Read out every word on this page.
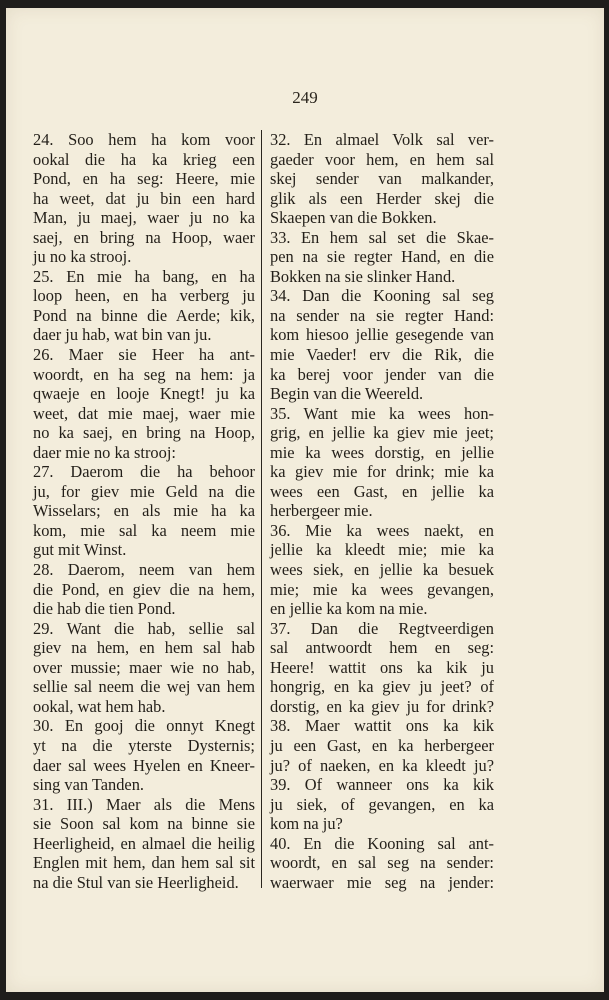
249
24. Soo hem ha kom voor
ookal die ha ka krieg een
Pond, en ha seg: Heere, mie
ha weet, dat ju bin een hard
Man, ju maej, waer ju no ka
saej, en bring na Hoop, waer
ju no ka strooj.
25. En mie ha bang, en ha
loop heen, en ha verberg ju
Pond na binne die Aerde; kik,
daer ju hab, wat bin van ju.
26. Maer sie Heer ha ant-
woordt, en ha seg na hem: ja
qwaeje en looje Knegt! ju ka
weet, dat mie maej, waer mie
no ka saej, en bring na Hoop,
daer mie no ka strooj:
27. Daerom die ha behoor
ju, for giev mie Geld na die
Wisselars; en als mie ha ka
kom, mie sal ka neem mie
gut mit Winst.
28. Daerom, neem van hem
die Pond, en giev die na hem,
die hab die tien Pond.
29. Want die hab, sellie sal
giev na hem, en hem sal hab
over mussie; maer wie no hab,
sellie sal neem die wej van hem
ookal, wat hem hab.
30. En gooj die onnyt Knegt
yt na die yterste Dysternis;
daer sal wees Hyelen en Kneer-
sing van Tanden.
31. III.) Maer als die Mens
sie Soon sal kom na binne sie
Heerligheid, en almael die heilig
Englen mit hem, dan hem sal sit
na die Stul van sie Heerligheid.
32. En almael Volk sal ver-
gaeder voor hem, en hem sal
skej sender van malkander,
glik als een Herder skej die
Skaepen van die Bokken.
33. En hem sal set die Skae-
pen na sie regter Hand, en die
Bokken na sie slinker Hand.
34. Dan die Kooning sal seg
na sender na sie regter Hand:
kom hiesoo jellie gesegende van
mie Vaeder! erv die Rik, die
ka berej voor jender van die
Begin van die Weereld.
35. Want mie ka wees hon-
grig, en jellie ka giev mie jeet;
mie ka wees dorstig, en jellie
ka giev mie for drink; mie ka
wees een Gast, en jellie ka
herbergeer mie.
36. Mie ka wees naekt, en
jellie ka kleedt mie; mie ka
wees siek, en jellie ka besuek
mie; mie ka wees gevangen,
en jellie ka kom na mie.
37. Dan die Regtveerdigen
sal antwoordt hem en seg:
Heere! wattit ons ka kik ju
hongrig, en ka giev ju jeet? of
dorstig, en ka giev ju for drink?
38. Maer wattit ons ka kik
ju een Gast, en ka herbergeer
ju? of naeken, en ka kleedt ju?
39. Of wanneer ons ka kik
ju siek, of gevangen, en ka
kom na ju?
40. En die Kooning sal ant-
woordt, en sal seg na sender:
waerwaer mie seg na jender:
